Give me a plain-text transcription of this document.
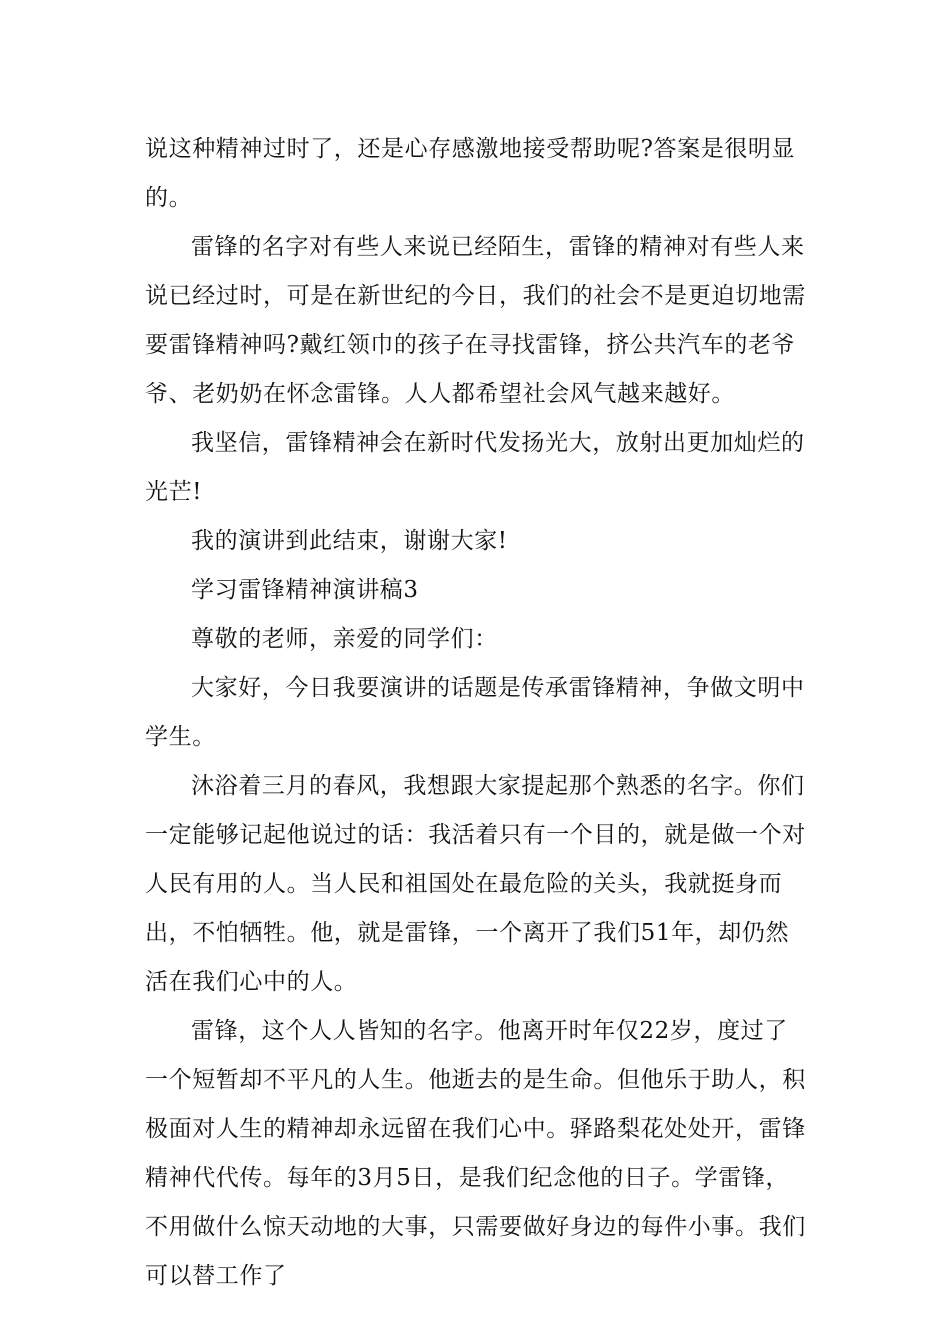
说这种精神过时了，还是心存感激地接受帮助呢?答案是很明显的。

雷锋的名字对有些人来说已经陌生，雷锋的精神对有些人来说已经过时，可是在新世纪的今日，我们的社会不是更迫切地需要雷锋精神吗?戴红领巾的孩子在寻找雷锋，挤公共汽车的老爷爷、老奶奶在怀念雷锋。人人都希望社会风气越来越好。

我坚信，雷锋精神会在新时代发扬光大，放射出更加灿烂的光芒!

我的演讲到此结束，谢谢大家!

学习雷锋精神演讲稿3

尊敬的老师，亲爱的同学们：

大家好，今日我要演讲的话题是传承雷锋精神，争做文明中学生。

沐浴着三月的春风，我想跟大家提起那个熟悉的名字。你们一定能够记起他说过的话：我活着只有一个目的，就是做一个对人民有用的人。当人民和祖国处在最危险的关头，我就挺身而出，不怕牺牲。他，就是雷锋，一个离开了我们51年，却仍然活在我们心中的人。

雷锋，这个人人皆知的名字。他离开时年仅22岁，度过了一个短暂却不平凡的人生。他逝去的是生命。但他乐于助人，积极面对人生的精神却永远留在我们心中。驿路梨花处处开，雷锋精神代代传。每年的3月5日，是我们纪念他的日子。学雷锋，不用做什么惊天动地的大事，只需要做好身边的每件小事。我们可以替工作了
